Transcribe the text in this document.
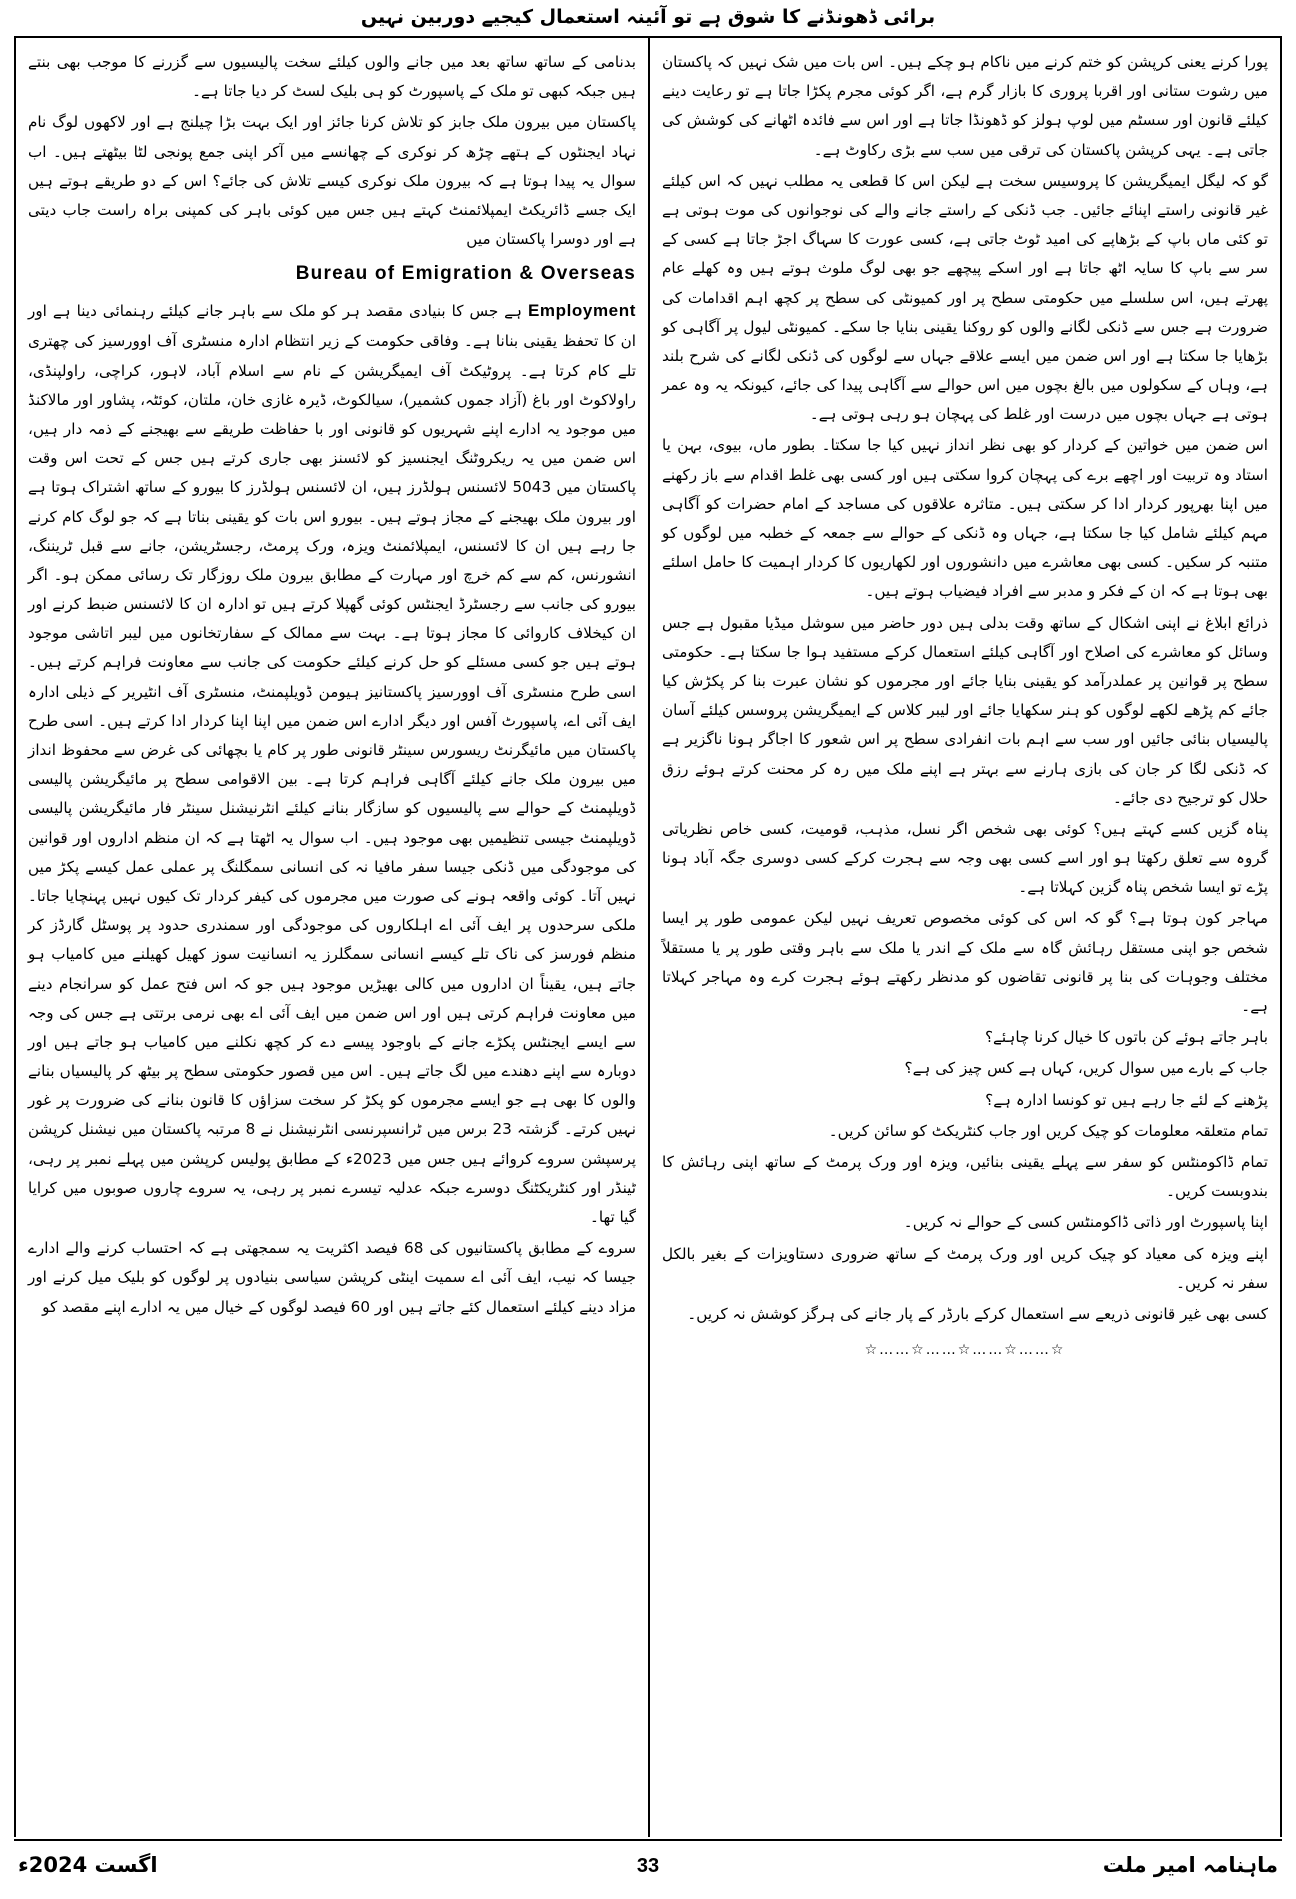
برائی ڈھونڈنے کا شوق ہے تو آئینہ استعمال کیجیے دوربین نہیں

پورا کرنے یعنی کرپشن کو ختم کرنے میں ناکام ہو چکے ہیں۔ اس بات میں شک نہیں کہ پاکستان میں رشوت ستانی اور اقربا پروری کا بازار گرم ہے، اگر کوئی مجرم پکڑا جاتا ہے تو رعایت دینے کیلئے قانون اور سسٹم میں لوپ ہولز کو ڈھونڈا جاتا ہے اور اس سے فائدہ اٹھانے کی کوشش کی جاتی ہے۔ یہی کرپشن پاکستان کی ترقی میں سب سے بڑی رکاوٹ ہے۔

گو کہ لیگل ایمیگریشن کا پروسیس سخت ہے لیکن اس کا قطعی یہ مطلب نہیں کہ اس کیلئے غیر قانونی راستے اپنائے جائیں۔ جب ڈنکی کے راستے جانے والے کی نوجوانوں کی موت ہوتی ہے تو کئی ماں باپ کے بڑھاپے کی امید ٹوٹ جاتی ہے، کسی عورت کا سہاگ اجڑ جاتا ہے کسی کے سر سے باپ کا سایہ اٹھ جاتا ہے اور اسکے پیچھے جو بھی لوگ ملوث ہوتے ہیں وہ کھلے عام پھرتے ہیں، اس سلسلے میں حکومتی سطح پر اور کمیونٹی کی سطح پر کچھ اہم اقدامات کی ضرورت ہے جس سے ڈنکی لگانے والوں کو روکنا یقینی بنایا جا سکے۔ کمیونٹی لیول پر آگاہی کو بڑھایا جا سکتا ہے اور اس ضمن میں ایسے علاقے جہاں سے لوگوں کی ڈنکی لگانے کی شرح بلند ہے، وہاں کے سکولوں میں بالغ بچوں میں اس حوالے سے آگاہی پیدا کی جائے، کیونکہ یہ وہ عمر ہوتی ہے جہاں بچوں میں درست اور غلط کی پہچان ہو رہی ہوتی ہے۔

اس ضمن میں خواتین کے کردار کو بھی نظر انداز نہیں کیا جا سکتا۔ بطور ماں، بیوی، بہن یا استاد وہ تربیت اور اچھے برے کی پہچان کروا سکتی ہیں اور کسی بھی غلط اقدام سے باز رکھنے میں اپنا بھرپور کردار ادا کر سکتی ہیں۔ متاثرہ علاقوں کی مساجد کے امام حضرات کو آگاہی مہم کیلئے شامل کیا جا سکتا ہے، جہاں وہ ڈنکی کے حوالے سے جمعہ کے خطبہ میں لوگوں کو متنبہ کر سکیں۔ کسی بھی معاشرے میں دانشوروں اور لکھاریوں کا کردار اہمیت کا حامل اسلئے بھی ہوتا ہے کہ ان کے فکر و مدبر سے افراد فیضیاب ہوتے ہیں۔

ذرائع ابلاغ نے اپنی اشکال کے ساتھ وقت بدلی ہیں دور حاضر میں سوشل میڈیا مقبول ہے جس وسائل کو معاشرے کی اصلاح اور آگاہی کیلئے استعمال کرکے مستفید ہوا جا سکتا ہے۔ حکومتی سطح پر قوانین پر عملدرآمد کو یقینی بنایا جائے اور مجرموں کو نشان عبرت بنا کر پکڑش کیا جائے کم پڑھے لکھے لوگوں کو ہنر سکھایا جائے اور لیبر کلاس کے ایمیگریشن پروسس کیلئے آسان پالیسیاں بنائی جائیں اور سب سے اہم بات انفرادی سطح پر اس شعور کا اجاگر ہونا ناگزیر ہے کہ ڈنکی لگا کر جان کی بازی ہارنے سے بہتر ہے اپنے ملک میں رہ کر محنت کرتے ہوئے رزق حلال کو ترجیح دی جائے۔

پناہ گزیں کسے کہتے ہیں؟ کوئی بھی شخص اگر نسل، مذہب، قومیت، کسی خاص نظریاتی گروہ سے تعلق رکھتا ہو اور اسے کسی بھی وجہ سے ہجرت کرکے کسی دوسری جگہ آباد ہونا پڑے تو ایسا شخص پناہ گزین کہلاتا ہے۔

مہاجر کون ہوتا ہے؟ گو کہ اس کی کوئی مخصوص تعریف نہیں لیکن عمومی طور پر ایسا شخص جو اپنی مستقل رہائش گاہ سے ملک کے اندر یا ملک سے باہر وقتی طور پر یا مستقلاً مختلف وجوہات کی بنا پر قانونی تقاضوں کو مدنظر رکھتے ہوئے ہجرت کرے وہ مہاجر کہلاتا ہے۔

باہر جاتے ہوئے کن باتوں کا خیال کرنا چاہئے؟

جاب کے بارے میں سوال کریں، کہاں ہے کس چیز کی ہے؟

پڑھنے کے لئے جا رہے ہیں تو کونسا ادارہ ہے؟

تمام متعلقہ معلومات کو چیک کریں اور جاب کنٹریکٹ کو سائن کریں۔

تمام ڈاکومنٹس کو سفر سے پہلے یقینی بنائیں، ویزہ اور ورک پرمٹ کے ساتھ اپنی رہائش کا بندوبست کریں۔

اپنا پاسپورٹ اور ذاتی ڈاکومنٹس کسی کے حوالے نہ کریں۔

اپنے ویزہ کی معیاد کو چیک کریں اور ورک پرمٹ کے ساتھ ضروری دستاویزات کے بغیر بالکل سفر نہ کریں۔

کسی بھی غیر قانونی ذریعے سے استعمال کرکے بارڈر کے پار جانے کی ہرگز کوشش نہ کریں۔

☆……☆……☆……☆……☆

بدنامی کے ساتھ ساتھ بعد میں جانے والوں کیلئے سخت پالیسیوں سے گزرنے کا موجب بھی بنتے ہیں جبکہ کبھی تو ملک کے پاسپورٹ کو ہی بلیک لسٹ کر دیا جاتا ہے۔

پاکستان میں بیرون ملک جابز کو تلاش کرنا جائز اور ایک بہت بڑا چیلنج ہے اور لاکھوں لوگ نام نہاد ایجنٹوں کے ہتھے چڑھ کر نوکری کے چھانسے میں آکر اپنی جمع پونجی لٹا بیٹھتے ہیں۔ اب سوال یہ پیدا ہوتا ہے کہ بیرون ملک نوکری کیسے تلاش کی جائے؟ اس کے دو طریقے ہوتے ہیں ایک جسے ڈائریکٹ ایمپلائمنٹ کہتے ہیں جس میں کوئی باہر کی کمپنی براہ راست جاب دیتی ہے اور دوسرا پاکستان میں

Bureau of Emigration & Overseas

Employment ہے جس کا بنیادی مقصد ہر کو ملک سے باہر جانے کیلئے رہنمائی دینا ہے اور ان کا تحفظ یقینی بنانا ہے۔ وفاقی حکومت کے زیر انتظام ادارہ منسٹری آف اوورسیز کی چھتری تلے کام کرتا ہے۔ پروٹیکٹ آف ایمیگریشن کے نام سے اسلام آباد، لاہور، کراچی، راولپنڈی، راولاکوٹ اور باغ (آزاد جموں کشمیر)، سیالکوٹ، ڈیرہ غازی خان، ملتان، کوئٹہ، پشاور اور مالاکنڈ میں موجود یہ ادارے اپنے شہریوں کو قانونی اور با حفاظت طریقے سے بھیجنے کے ذمہ دار ہیں، اس ضمن میں یہ ریکروٹنگ ایجنسیز کو لائسنز بھی جاری کرتے ہیں جس کے تحت اس وقت پاکستان میں 5043 لائسنس ہولڈرز ہیں، ان لائسنس ہولڈرز کا بیورو کے ساتھ اشتراک ہوتا ہے اور بیرون ملک بھیجنے کے مجاز ہوتے ہیں۔ بیورو اس بات کو یقینی بناتا ہے کہ جو لوگ کام کرنے جا رہے ہیں ان کا لائسنس، ایمپلائمنٹ ویزہ، ورک پرمٹ، رجسٹریشن، جانے سے قبل ٹریننگ، انشورنس، کم سے کم خرچ اور مہارت کے مطابق بیرون ملک روزگار تک رسائی ممکن ہو۔ اگر بیورو کی جانب سے رجسٹرڈ ایجنٹس کوئی گھپلا کرتے ہیں تو ادارہ ان کا لائسنس ضبط کرنے اور ان کیخلاف کاروائی کا مجاز ہوتا ہے۔ بہت سے ممالک کے سفارتخانوں میں لیبر اتاشی موجود ہوتے ہیں جو کسی مسئلے کو حل کرنے کیلئے حکومت کی جانب سے معاونت فراہم کرتے ہیں۔ اسی طرح منسٹری آف اوورسیز پاکستانیز ہیومن ڈویلپمنٹ، منسٹری آف انٹیریر کے ذیلی ادارہ ایف آئی اے، پاسپورٹ آفس اور دیگر ادارے اس ضمن میں اپنا اپنا کردار ادا کرتے ہیں۔ اسی طرح پاکستان میں مائیگرنٹ ریسورس سینٹر قانونی طور پر کام یا بچھائی کی غرض سے محفوظ انداز میں بیرون ملک جانے کیلئے آگاہی فراہم کرتا ہے۔ بین الاقوامی سطح پر مائیگریشن پالیسی ڈویلپمنٹ کے حوالے سے پالیسیوں کو سازگار بنانے کیلئے انٹرنیشنل سینٹر فار مائیگریشن پالیسی ڈویلپمنٹ جیسی تنظیمیں بھی موجود ہیں۔ اب سوال یہ اٹھتا ہے کہ ان منظم اداروں اور قوانین کی موجودگی میں ڈنکی جیسا سفر مافیا نہ کی انسانی سمگلنگ پر عملی عمل کیسے پکڑ میں نہیں آتا۔ کوئی واقعہ ہونے کی صورت میں مجرموں کی کیفر کردار تک کیوں نہیں پہنچایا جاتا۔ ملکی سرحدوں پر ایف آئی اے اہلکاروں کی موجودگی اور سمندری حدود پر پوسٹل گارڈز کر منظم فورسز کی ناک تلے کیسے انسانی سمگلرز یہ انسانیت سوز کھیل کھیلنے میں کامیاب ہو جاتے ہیں، یقیناً ان اداروں میں کالی بھیڑیں موجود ہیں جو کہ اس فتح عمل کو سرانجام دینے میں معاونت فراہم کرتی ہیں اور اس ضمن میں ایف آئی اے بھی نرمی برتتی ہے جس کی وجہ سے ایسے ایجنٹس پکڑے جانے کے باوجود پیسے دے کر کچھ نکلنے میں کامیاب ہو جاتے ہیں اور دوبارہ سے اپنے دھندے میں لگ جاتے ہیں۔ اس میں قصور حکومتی سطح پر بیٹھ کر پالیسیاں بنانے والوں کا بھی ہے جو ایسے مجرموں کو پکڑ کر سخت سزاؤں کا قانون بنانے کی ضرورت پر غور نہیں کرتے۔ گزشتہ 23 برس میں ٹرانسپرنسی انٹرنیشنل نے 8 مرتبہ پاکستان میں نیشنل کرپشن پرسپشن سروے کروائے ہیں جس میں 2023ء کے مطابق پولیس کرپشن میں پہلے نمبر پر رہی، ٹینڈر اور کنٹریکٹنگ دوسرے جبکہ عدلیہ تیسرے نمبر پر رہی، یہ سروے چاروں صوبوں میں کرایا گیا تھا۔

سروے کے مطابق پاکستانیوں کی 68 فیصد اکثریت یہ سمجھتی ہے کہ احتساب کرنے والے ادارے جیسا کہ نیب، ایف آئی اے سمیت اینٹی کرپشن سیاسی بنیادوں پر لوگوں کو بلیک میل کرنے اور مزاد دینے کیلئے استعمال کئے جاتے ہیں اور 60 فیصد لوگوں کے خیال میں یہ ادارے اپنے مقصد کو

اگست 2024ء	33	ماہنامہ امیر ملت
